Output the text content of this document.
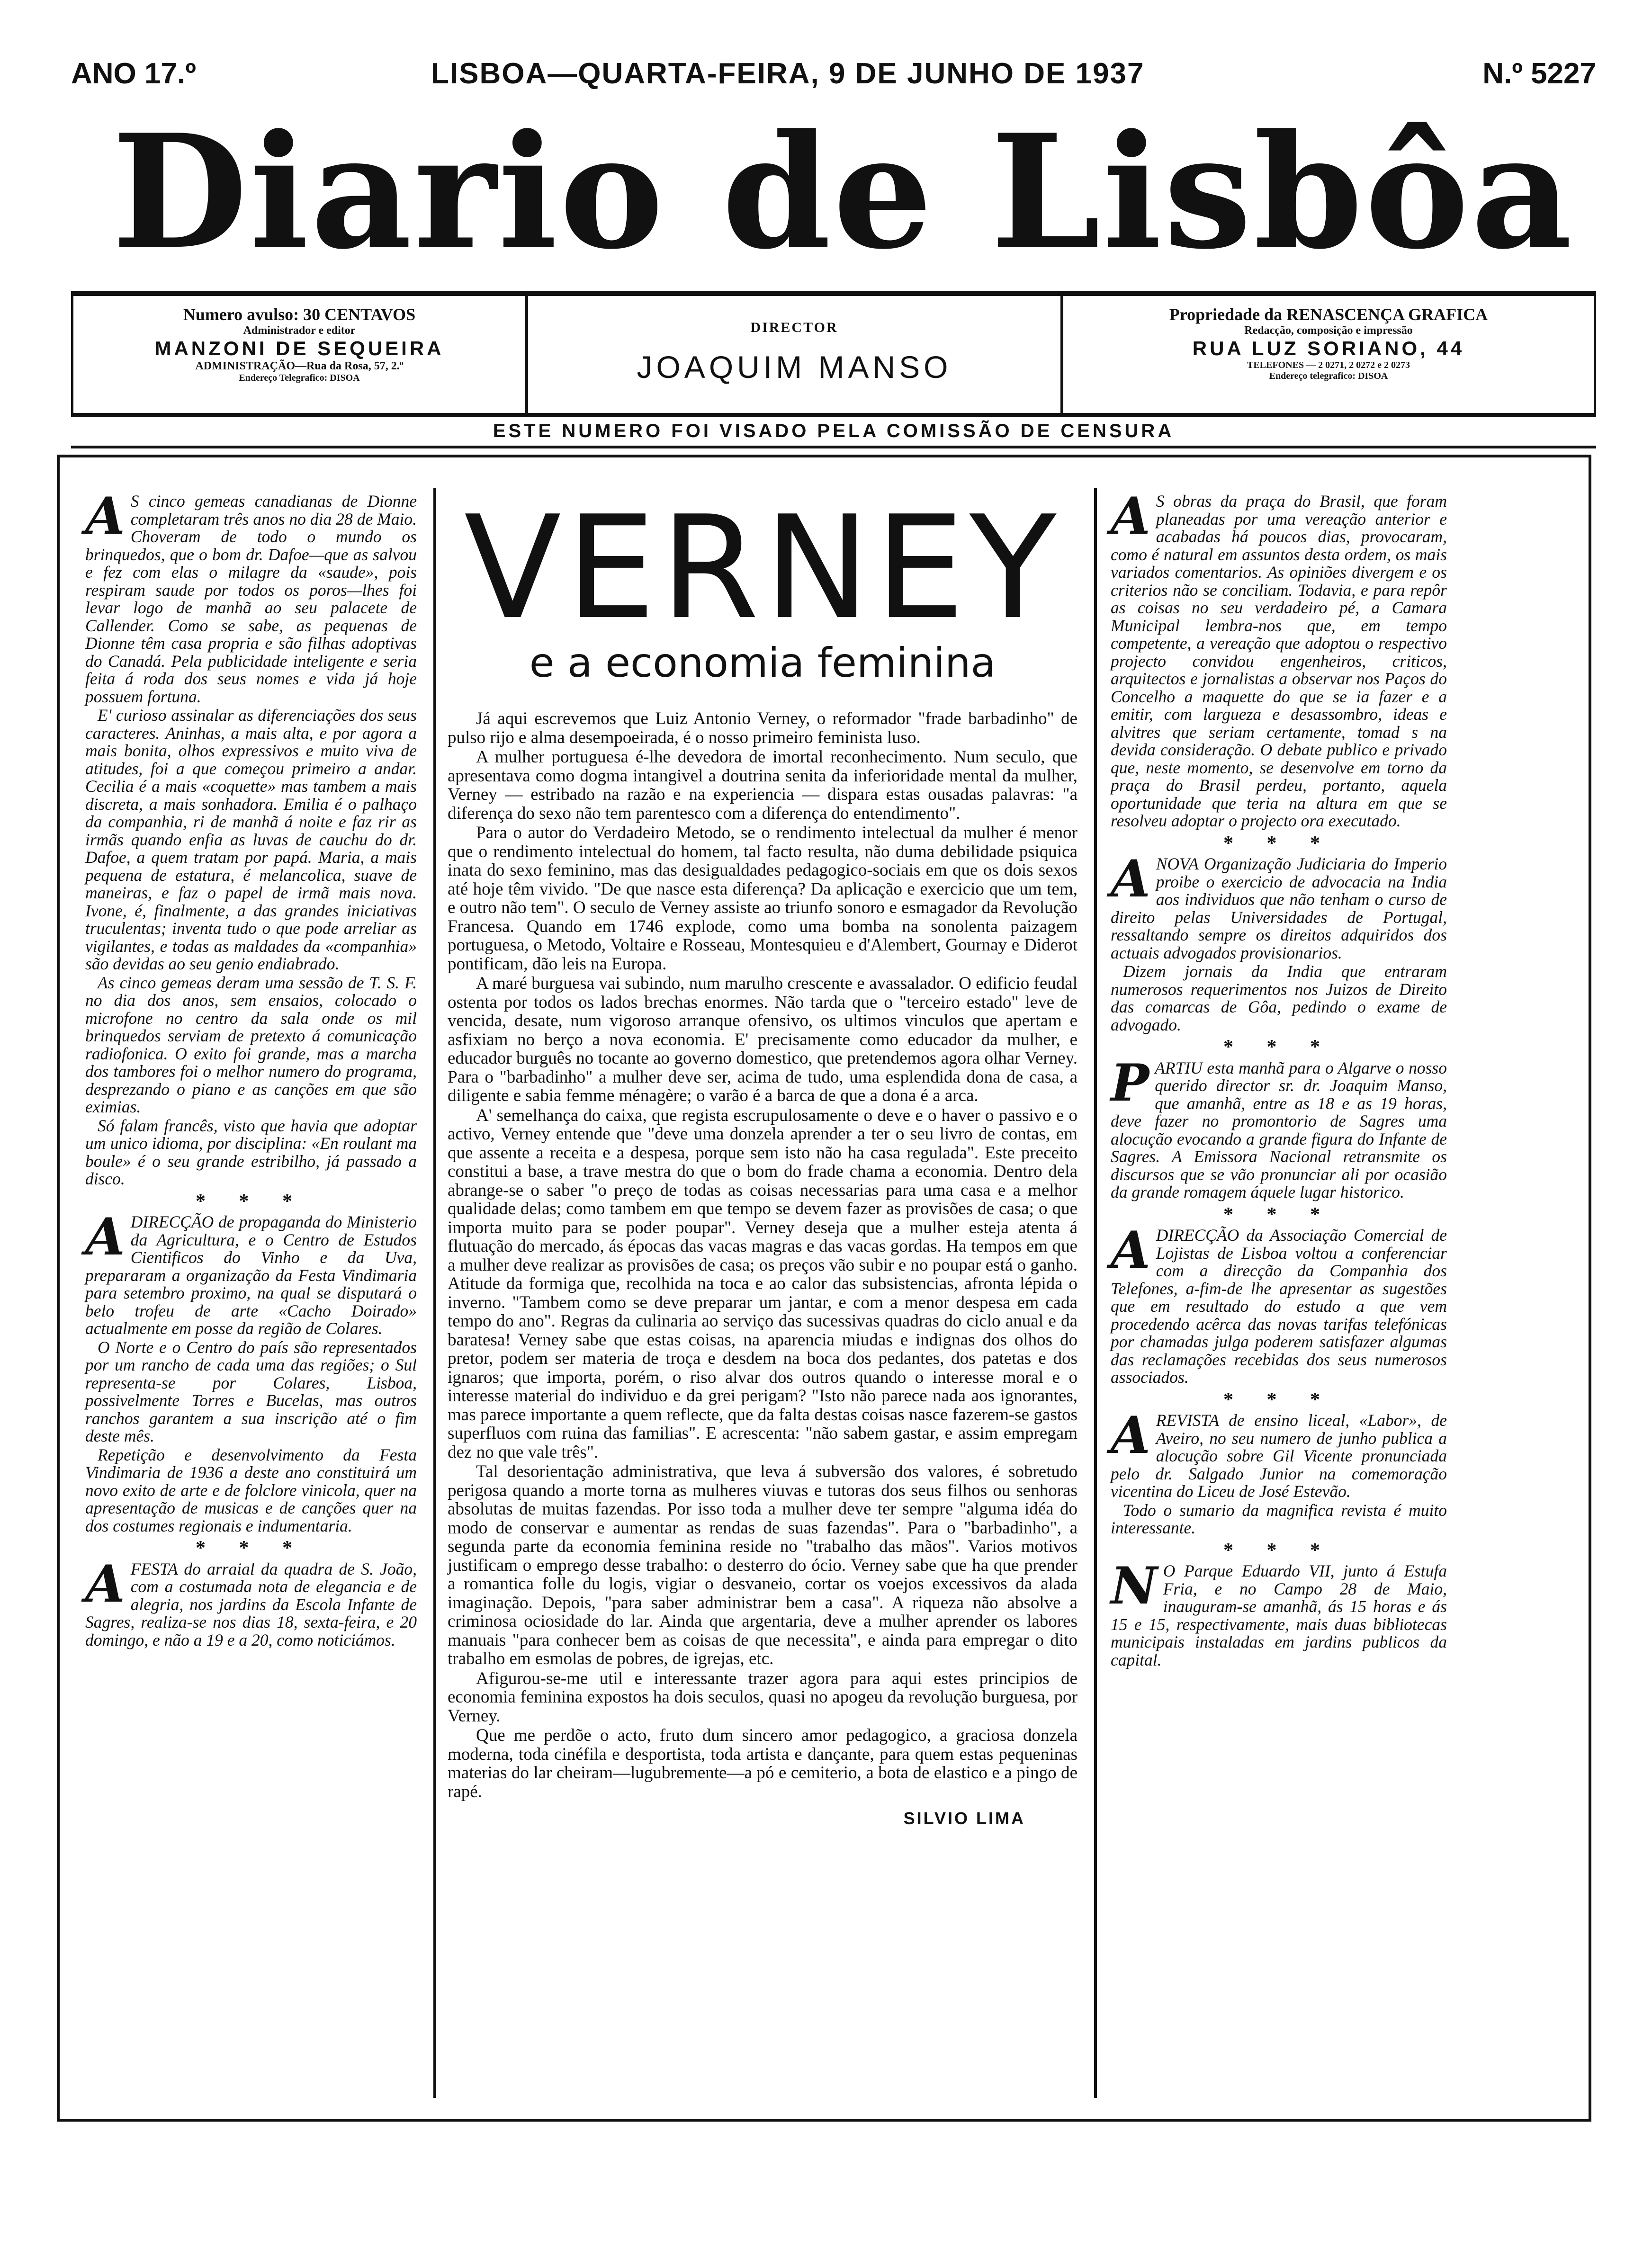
ANO 17.º	LISBOA—QUARTA-FEIRA, 9 DE JUNHO DE 1937	N.º 5227
Diario de Lisbôa
Numero avulso: 30 CENTAVOS
Administrador e editor
MANZONI DE SEQUEIRA
ADMINISTRAÇÃO—Rua da Rosa, 57, 2.º
Endereço Telegrafico: DISOA
DIRECTOR
JOAQUIM MANSO
Propriedade da RENASCENÇA GRAFICA
Redacção, composição e impressão
RUA LUZ SORIANO, 44
TELEFONES — 2 0271, 2 0272 e 2 0273
Endereço telegrafico: DISOA
ESTE NUMERO FOI VISADO PELA COMISSÃO DE CENSURA

A S cinco gemeas canadianas de Dionne completaram três anos no dia 28 de Maio. Choveram de todo o mundo os brinquedos, que o bom dr. Dafoe—que as salvou e fez com elas o milagre da «saude», pois respiram saude por todos os poros—lhes foi levar logo de manhã ao seu palacete de Callender. Como se sabe, as pequenas de Dionne têm casa propria e são filhas adoptivas do Canadá. Pela publicidade inteligente e seria feita á roda dos seus nomes e vida já hoje possuem fortuna.

E' curioso assinalar as diferenciações dos seus caracteres. Aninhas, a mais alta, e por agora a mais bonita, olhos expressivos e muito viva de atitudes, foi a que começou primeiro a andar. Cecilia é a mais «coquette» mas tambem a mais discreta, a mais sonhadora. Emilia é o palhaço da companhia, ri de manhã á noite e faz rir as irmãs quando enfia as luvas de cauchu do dr. Dafoe, a quem tratam por papá. Maria, a mais pequena de estatura, é melancolica, suave de maneiras, e faz o papel de irmã mais nova. Ivone, é, finalmente, a das grandes iniciativas truculentas; inventa tudo o que pode arreliar as vigilantes, e todas as maldades da «companhia» são devidas ao seu genio endiabrado.

As cinco gemeas deram uma sessão de T. S. F. no dia dos anos, sem ensaios, colocado o microfone no centro da sala onde os mil brinquedos serviam de pretexto á comunicação radiofonica. O exito foi grande, mas a marcha dos tambores foi o melhor numero do programa, desprezando o piano e as canções em que são eximias.

Só falam francês, visto que havia que adoptar um unico idioma, por disciplina: «En roulant ma boule» é o seu grande estribilho, já passado a disco.

* * *

ADIRECÇÃO de propaganda do Ministerio da Agricultura, e o Centro de Estudos Cientificos do Vinho e da Uva, prepararam a organização da Festa Vindimaria para setembro proximo, na qual se disputará o belo trofeu de arte «Cacho Doirado» actualmente em posse da região de Colares.

O Norte e o Centro do país são representados por um rancho de cada uma das regiões; o Sul representa-se por Colares, Lisboa, possivelmente Torres e Bucelas, mas outros ranchos garantem a sua inscrição até o fim deste mês.

Repetição e desenvolvimento da Festa Vindimaria de 1936 a deste ano constituirá um novo exito de arte e de folclore vinicola, quer na apresentação de musicas e de canções quer na dos costumes regionais e indumentaria.

* * *

AFESTA do arraial da quadra de S. João, com a costumada nota de elegancia e de alegria, nos jardins da Escola Infante de Sagres, realiza-se nos dias 18, sexta-feira, e 20 domingo, e não a 19 e a 20, como noticiámos.

VERNEY
e a economia feminina

Já aqui escrevemos que Luiz Antonio Verney, o reformador "frade barbadinho" de pulso rijo e alma desempoeirada, é o nosso primeiro feminista luso.

A mulher portuguesa é-lhe devedora de imortal reconhecimento. Num seculo, que apresentava como dogma intangivel a doutrina senita da inferioridade mental da mulher, Verney — estribado na razão e na experiencia — dispara estas ousadas palavras: "a diferença do sexo não tem parentesco com a diferença do entendimento".

Para o autor do Verdadeiro Metodo, se o rendimento intelectual da mulher é menor que o rendimento intelectual do homem, tal facto resulta, não duma debilidade psiquica inata do sexo feminino, mas das desigualdades pedagogico-sociais em que os dois sexos até hoje têm vivido. "De que nasce esta diferença? Da aplicação e exercicio que um tem, e outro não tem". O seculo de Verney assiste ao triunfo sonoro e esmagador da Revolução Francesa. Quando em 1746 explode, como uma bomba na sonolenta paizagem portuguesa, o Metodo, Voltaire e Rosseau, Montesquieu e d'Alembert, Gournay e Diderot pontificam, dão leis na Europa.

A maré burguesa vai subindo, num marulho crescente e avassalador. O edificio feudal ostenta por todos os lados brechas enormes. Não tarda que o "terceiro estado" leve de vencida, desate, num vigoroso arranque ofensivo, os ultimos vinculos que apertam e asfixiam no berço a nova economia. E' precisamente como educador da mulher, e educador burguês no tocante ao governo domestico, que pretendemos agora olhar Verney. Para o "barbadinho" a mulher deve ser, acima de tudo, uma esplendida dona de casa, a diligente e sabia femme ménagère; o varão é a barca de que a dona é a arca.

A' semelhança do caixa, que regista escrupulosamente o deve e o haver o passivo e o activo, Verney entende que "deve uma donzela aprender a ter o seu livro de contas, em que assente a receita e a despesa, porque sem isto não ha casa regulada". Este preceito constitui a base, a trave mestra do que o bom do frade chama a economia. Dentro dela abrange-se o saber "o preço de todas as coisas necessarias para uma casa e a melhor qualidade delas; como tambem em que tempo se devem fazer as provisões de casa; o que importa muito para se poder poupar". Verney deseja que a mulher esteja atenta á flutuação do mercado, ás épocas das vacas magras e das vacas gordas. Ha tempos em que a mulher deve realizar as provisões de casa; os preços vão subir e no poupar está o ganho. Atitude da formiga que, recolhida na toca e ao calor das subsistencias, afronta lépida o inverno. "Tambem como se deve preparar um jantar, e com a menor despesa em cada tempo do ano". Regras da culinaria ao serviço das sucessivas quadras do ciclo anual e da baratesa! Verney sabe que estas coisas, na aparencia miudas e indignas dos olhos do pretor, podem ser materia de troça e desdem na boca dos pedantes, dos patetas e dos ignaros; que importa, porém, o riso alvar dos outros quando o interesse moral e o interesse material do individuo e da grei perigam? "Isto não parece nada aos ignorantes, mas parece importante a quem reflecte, que da falta destas coisas nasce fazerem-se gastos superfluos com ruina das familias". E acrescenta: "não sabem gastar, e assim empregam dez no que vale três".

Tal desorientação administrativa, que leva á subversão dos valores, é sobretudo perigosa quando a morte torna as mulheres viuvas e tutoras dos seus filhos ou senhoras absolutas de muitas fazendas. Por isso toda a mulher deve ter sempre "alguma idéa do modo de conservar e aumentar as rendas de suas fazendas". Para o "barbadinho", a segunda parte da economia feminina reside no "trabalho das mãos". Varios motivos justificam o emprego desse trabalho: o desterro do ócio. Verney sabe que ha que prender a romantica folle du logis, vigiar o desvaneio, cortar os voejos excessivos da alada imaginação. Depois, "para saber administrar bem a casa". A riqueza não absolve a criminosa ociosidade do lar. Ainda que argentaria, deve a mulher aprender os labores manuais "para conhecer bem as coisas de que necessita", e ainda para empregar o dito trabalho em esmolas de pobres, de igrejas, etc.

Afigurou-se-me util e interessante trazer agora para aqui estes principios de economia feminina expostos ha dois seculos, quasi no apogeu da revolução burguesa, por Verney.

Que me perdõe o acto, fruto dum sincero amor pedagogico, a graciosa donzela moderna, toda cinéfila e desportista, toda artista e dançante, para quem estas pequeninas materias do lar cheiram—lugubremente—a pó e cemiterio, a bota de elastico e a pingo de rapé.

SILVIO LIMA

A S obras da praça do Brasil, que foram planeadas por uma vereação anterior e acabadas há poucos dias, provocaram, como é natural em assuntos desta ordem, os mais variados comentarios. As opiniões divergem e os criterios não se conciliam. Todavia, e para repôr as coisas no seu verdadeiro pé, a Camara Municipal lembra-nos que, em tempo competente, a vereação que adoptou o respectivo projecto convidou engenheiros, criticos, arquitectos e jornalistas a observar nos Paços do Concelho a maquette do que se ia fazer e a emitir, com largueza e desassombro, ideas e alvitres que seriam certamente, tomad s na devida consideração. O debate publico e privado que, neste momento, se desenvolve em torno da praça do Brasil perdeu, portanto, aquela oportunidade que teria na altura em que se resolveu adoptar o projecto ora executado.

* * *

ANOVA Organização Judiciaria do Imperio proibe o exercicio de advocacia na India aos individuos que não tenham o curso de direito pelas Universidades de Portugal, ressaltando sempre os direitos adquiridos dos actuais advogados provisionarios.

Dizem jornais da India que entraram numerosos requerimentos nos Juizos de Direito das comarcas de Gôa, pedindo o exame de advogado.

* * *

PARTIU esta manhã para o Algarve o nosso querido director sr. dr. Joaquim Manso, que amanhã, entre as 18 e as 19 horas, deve fazer no promontorio de Sagres uma alocução evocando a grande figura do Infante de Sagres. A Emissora Nacional retransmite os discursos que se vão pronunciar ali por ocasião da grande romagem áquele lugar historico.

* * *

ADIRECÇÃO da Associação Comercial de Lojistas de Lisboa voltou a conferenciar com a direcção da Companhia dos Telefones, a-fim-de lhe apresentar as sugestões que em resultado do estudo a que vem procedendo acêrca das novas tarifas telefónicas por chamadas julga poderem satisfazer algumas das reclamações recebidas dos seus numerosos associados.

* * *

AREVISTA de ensino liceal, «Labor», de Aveiro, no seu numero de junho publica a alocução sobre Gil Vicente pronunciada pelo dr. Salgado Junior na comemoração vicentina do Liceu de José Estevão.

Todo o sumario da magnifica revista é muito interessante.

* * *

N O Parque Eduardo VII, junto á Estufa Fria, e no Campo 28 de Maio, inauguram-se amanhã, ás 15 horas e ás 15 e 15, respectivamente, mais duas bibliotecas municipais instaladas em jardins publicos da capital.
